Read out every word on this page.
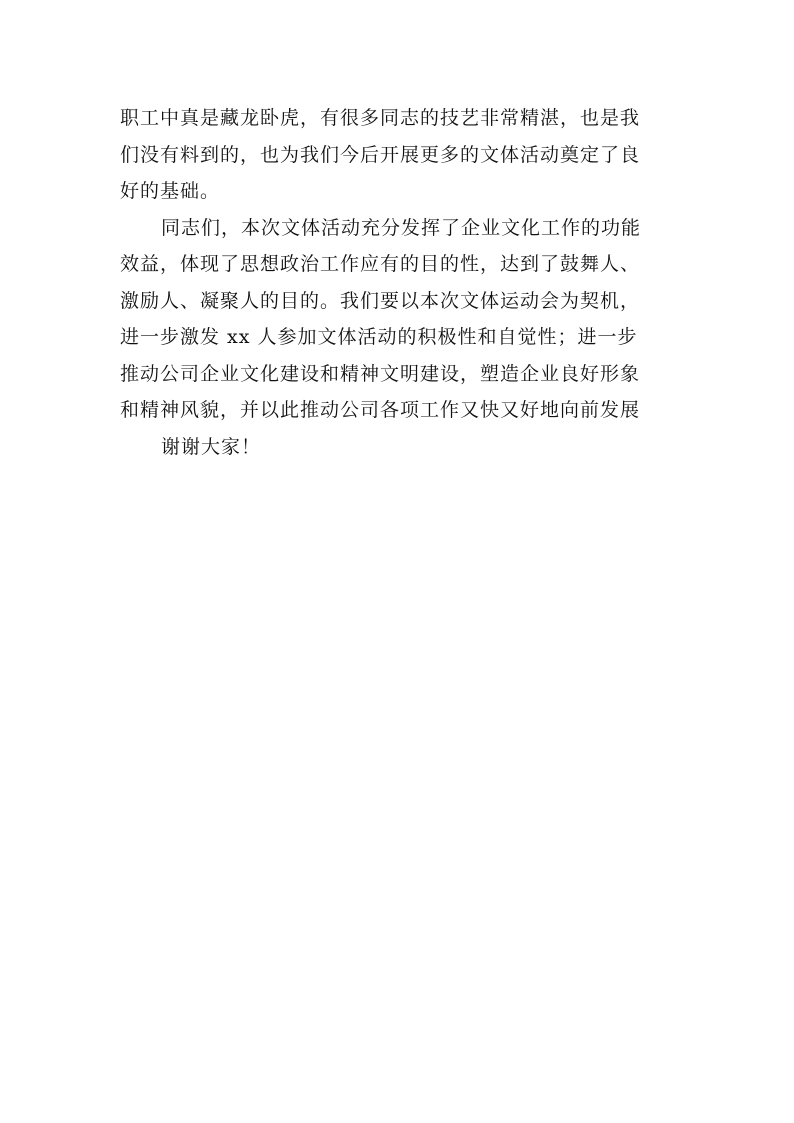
职工中真是藏龙卧虎，有很多同志的技艺非常精湛，也是我
们没有料到的，也为我们今后开展更多的文体活动奠定了良
好的基础。
同志们，本次文体活动充分发挥了企业文化工作的功能
效益，体现了思想政治工作应有的目的性，达到了鼓舞人、
激励人、凝聚人的目的。我们要以本次文体运动会为契机，
进一步激发 xx 人参加文体活动的积极性和自觉性；进一步
推动公司企业文化建设和精神文明建设，塑造企业良好形象
和精神风貌，并以此推动公司各项工作又快又好地向前发展
谢谢大家！
